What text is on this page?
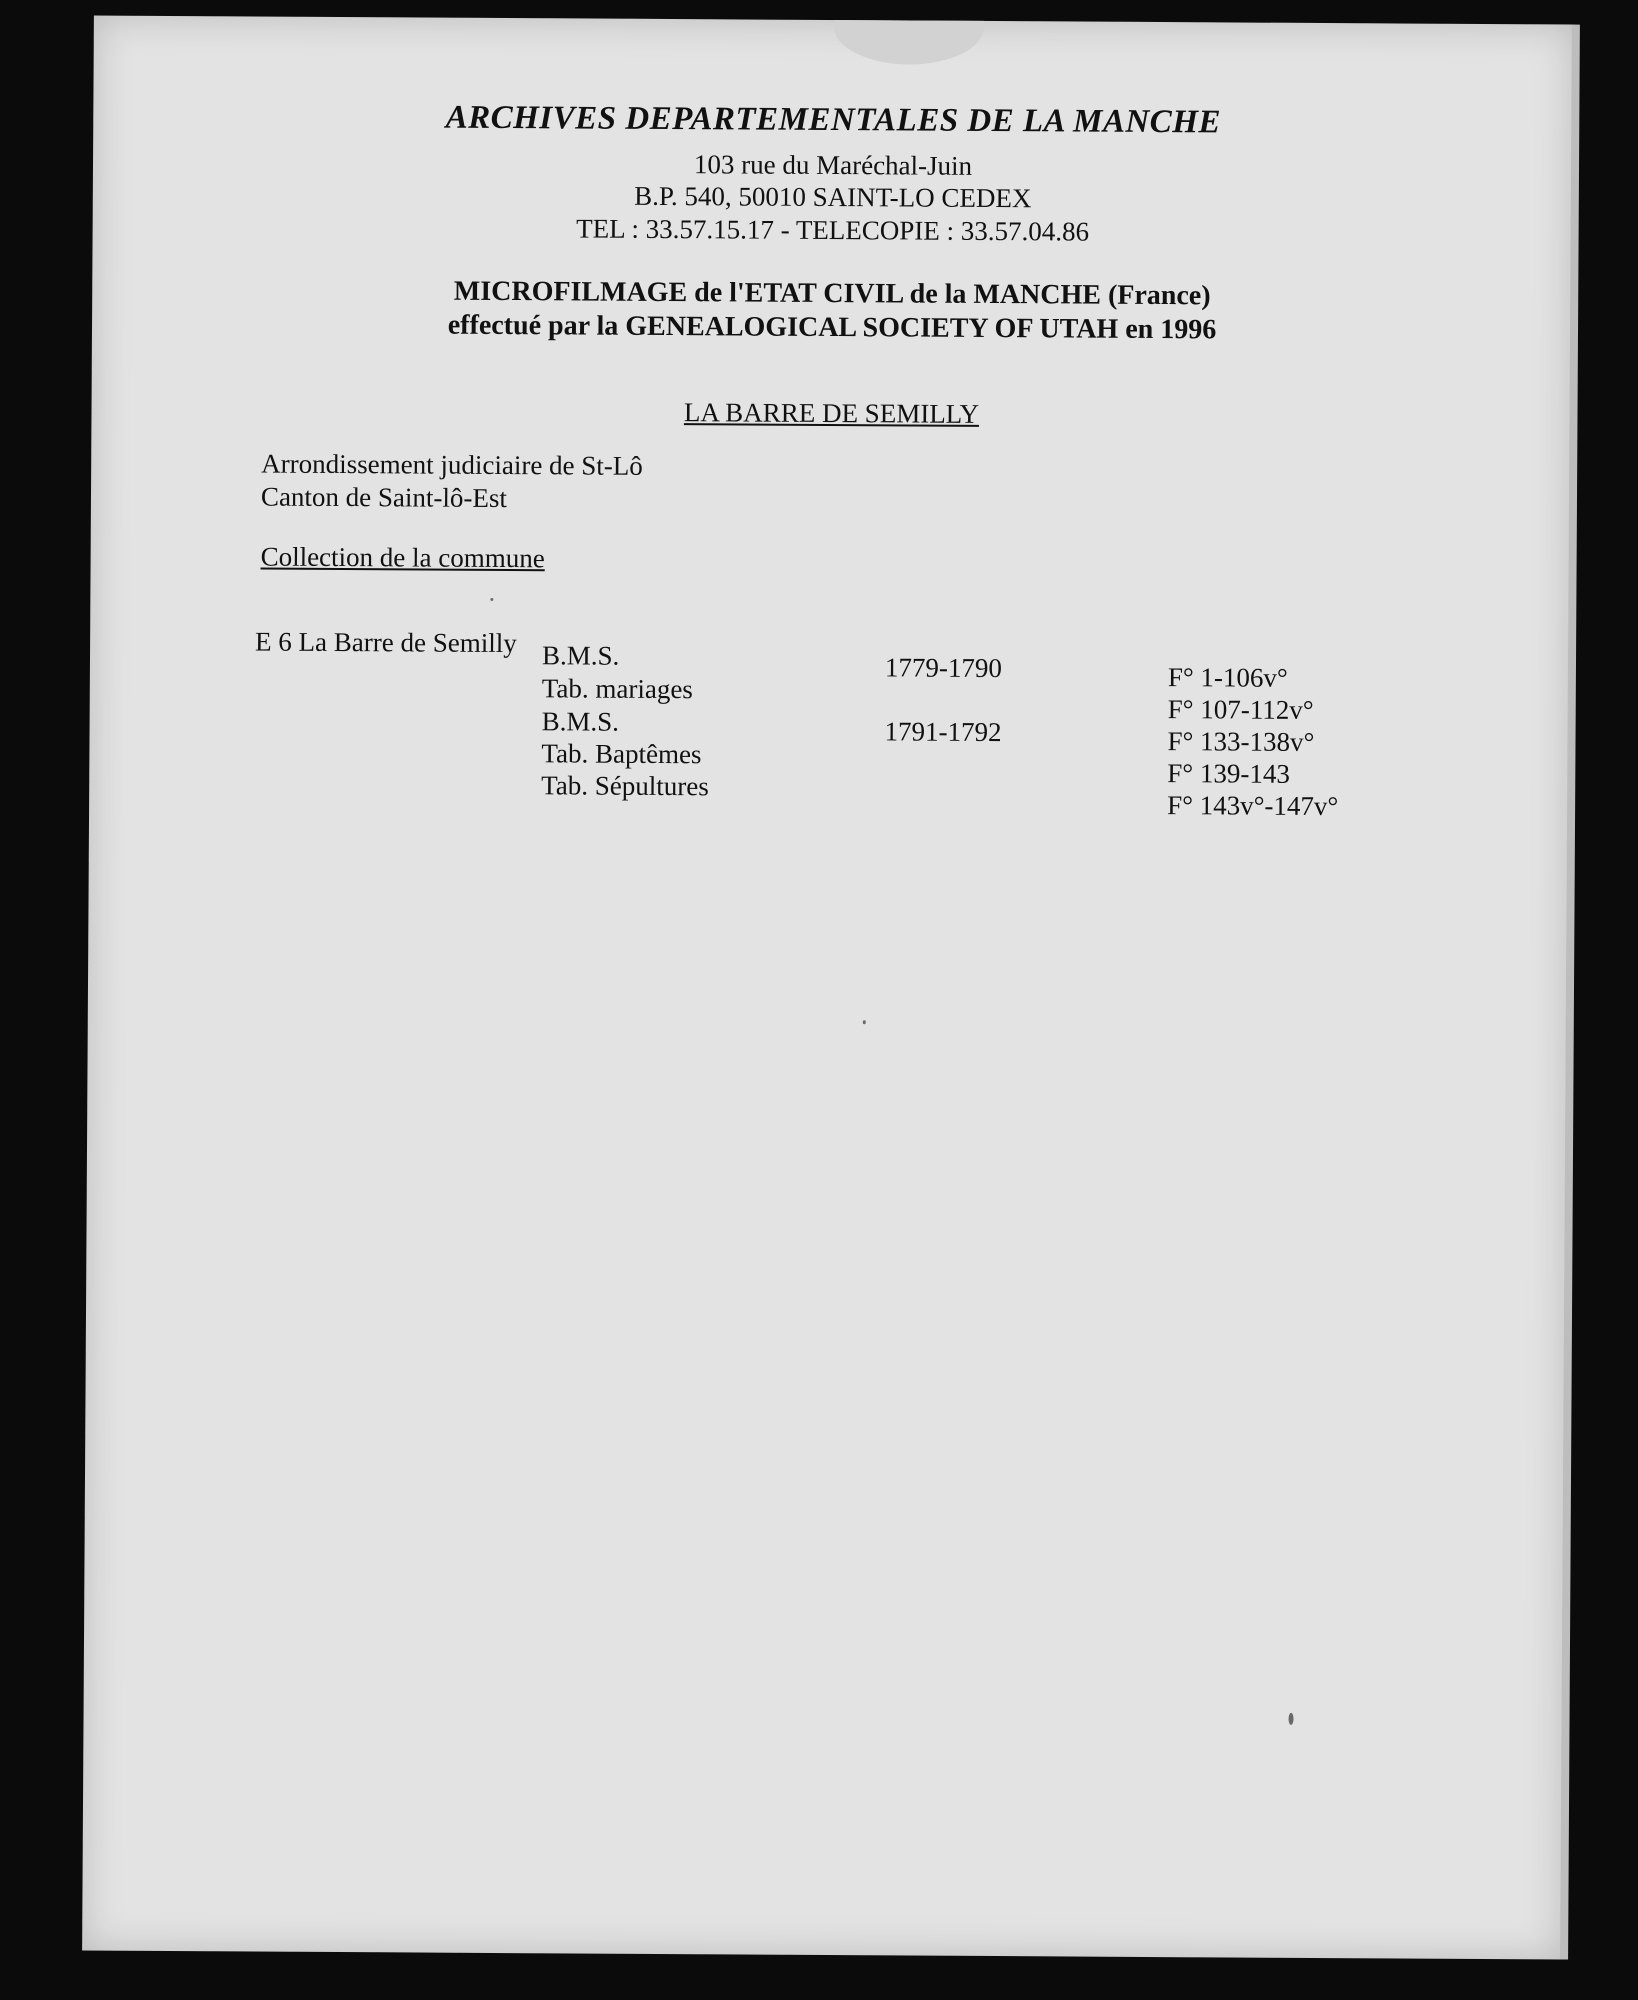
ARCHIVES DEPARTEMENTALES DE LA MANCHE
103 rue du Maréchal-Juin
B.P. 540, 50010 SAINT-LO CEDEX
TEL : 33.57.15.17 - TELECOPIE : 33.57.04.86
MICROFILMAGE de l'ETAT CIVIL de la MANCHE (France)
effectué par la GENEALOGICAL SOCIETY OF UTAH en 1996
LA BARRE DE SEMILLY
Arrondissement judiciaire de St-Lô
Canton de Saint-lô-Est
Collection de la commune
E 6 La Barre de Semilly B.M.S.
Tab. mariages
B.M.S.
Tab. Baptêmes
Tab. Sépultures
1779-1790
1791-1792
F° 1-106v°
F° 107-112v°
F° 133-138v°
F° 139-143
F° 143v°-147v°
